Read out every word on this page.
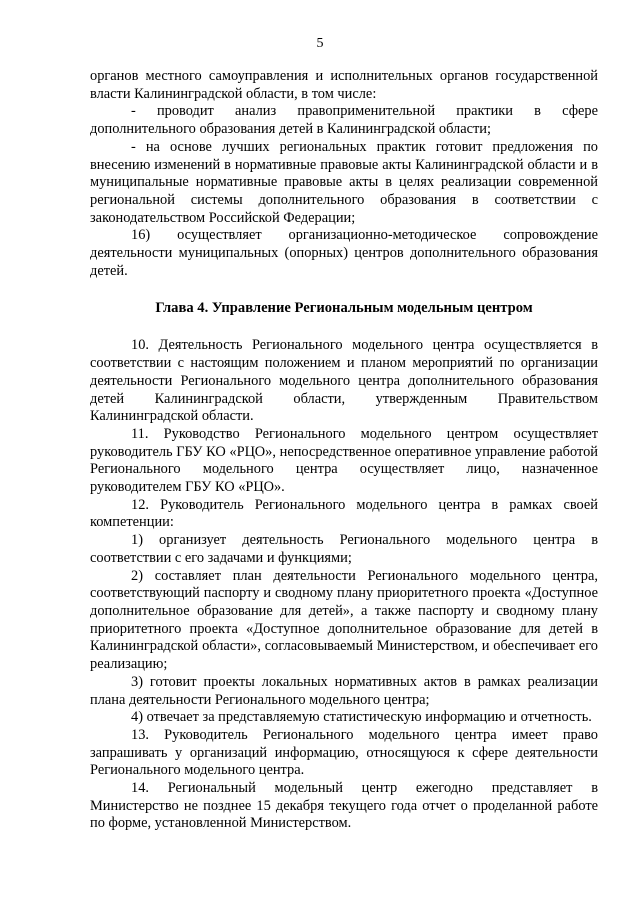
5

органов местного самоуправления и исполнительных органов государственной власти Калининградской области, в том числе:

- проводит анализ правоприменительной практики в сфере дополнительного образования детей в Калининградской области;

- на основе лучших региональных практик готовит предложения по внесению изменений в нормативные правовые акты Калининградской области и в муниципальные нормативные правовые акты в целях реализации современной региональной системы дополнительного образования в соответствии с законодательством Российской Федерации;

16) осуществляет организационно-методическое сопровождение деятельности муниципальных (опорных) центров дополнительного образования детей.

Глава 4. Управление Региональным модельным центром

10. Деятельность Регионального модельного центра осуществляется в соответствии с настоящим положением и планом мероприятий по организации деятельности Регионального модельного центра дополнительного образования детей Калининградской области, утвержденным Правительством Калининградской области.

11. Руководство Регионального модельного центром осуществляет руководитель ГБУ КО «РЦО», непосредственное оперативное управление работой Регионального модельного центра осуществляет лицо, назначенное руководителем ГБУ КО «РЦО».

12. Руководитель Регионального модельного центра в рамках своей компетенции:

1) организует деятельность Регионального модельного центра в соответствии с его задачами и функциями;

2) составляет план деятельности Регионального модельного центра, соответствующий паспорту и сводному плану приоритетного проекта «Доступное дополнительное образование для детей», а также паспорту и сводному плану приоритетного проекта «Доступное дополнительное образование для детей в Калининградской области», согласовываемый Министерством, и обеспечивает его реализацию;

3) готовит проекты локальных нормативных актов в рамках реализации плана деятельности Регионального модельного центра;

4) отвечает за представляемую статистическую информацию и отчетность.

13. Руководитель Регионального модельного центра имеет право запрашивать у организаций информацию, относящуюся к сфере деятельности Регионального модельного центра.

14. Региональный модельный центр ежегодно представляет в Министерство не позднее 15 декабря текущего года отчет о проделанной работе по форме, установленной Министерством.
